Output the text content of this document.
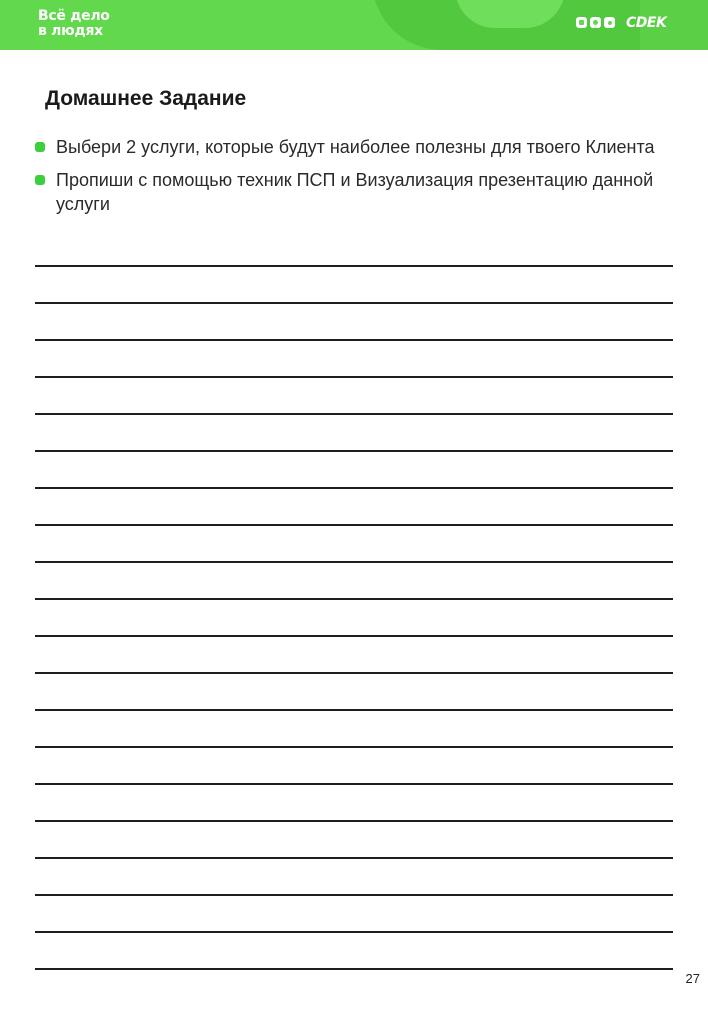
Всё дело
в людях	CDEK
Домашнее Задание
Выбери 2 услуги, которые будут наиболее полезны для твоего Клиента
Пропиши с помощью техник ПСП и Визуализация презентацию данной услуги
27
